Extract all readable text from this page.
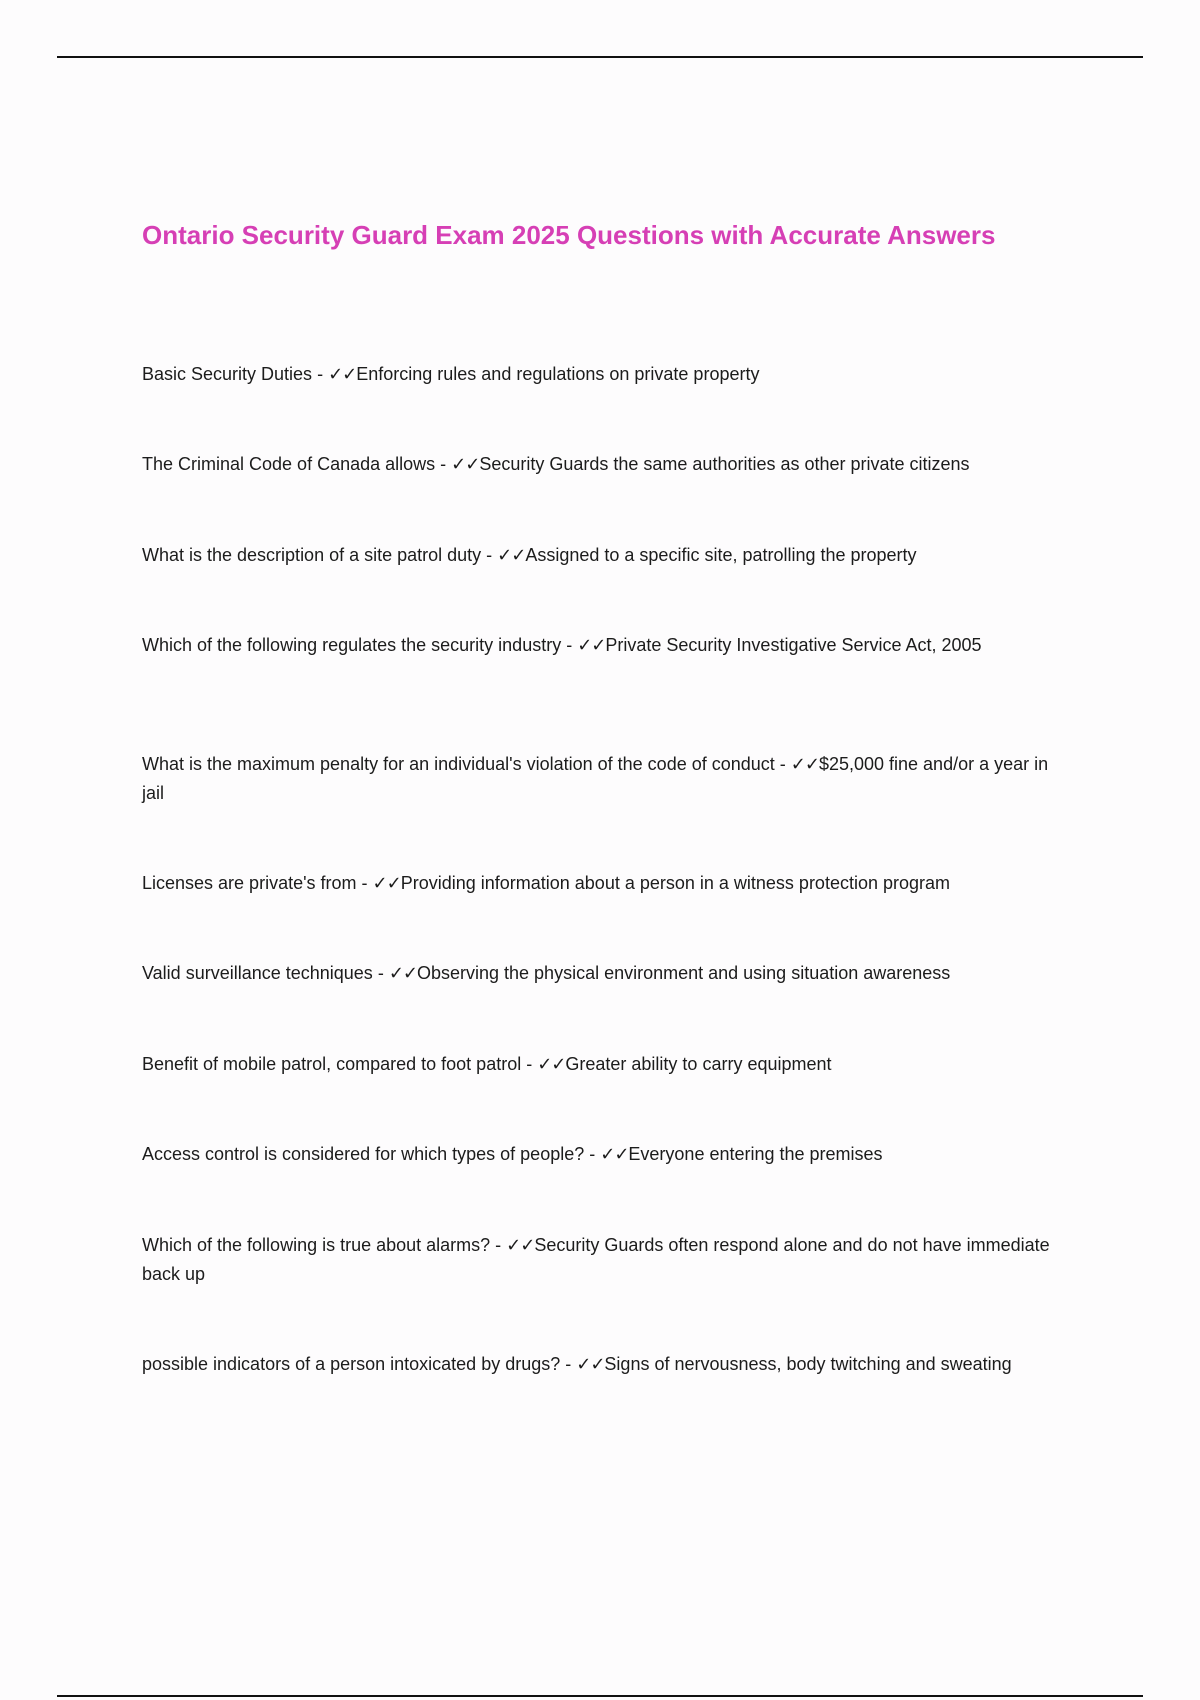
Ontario Security Guard Exam 2025 Questions with Accurate Answers

Basic Security Duties - ✓✓Enforcing rules and regulations on private property

The Criminal Code of Canada allows - ✓✓Security Guards the same authorities as other private citizens

What is the description of a site patrol duty - ✓✓Assigned to a specific site, patrolling the property

Which of the following regulates the security industry - ✓✓Private Security Investigative Service Act, 2005

What is the maximum penalty for an individual's violation of the code of conduct - ✓✓$25,000 fine and/or a year in jail

Licenses are private's from - ✓✓Providing information about a person in a witness protection program

Valid surveillance techniques - ✓✓Observing the physical environment and using situation awareness

Benefit of mobile patrol, compared to foot patrol - ✓✓Greater ability to carry equipment

Access control is considered for which types of people? - ✓✓Everyone entering the premises

Which of the following is true about alarms? - ✓✓Security Guards often respond alone and do not have immediate back up

possible indicators of a person intoxicated by drugs? - ✓✓Signs of nervousness, body twitching and sweating
